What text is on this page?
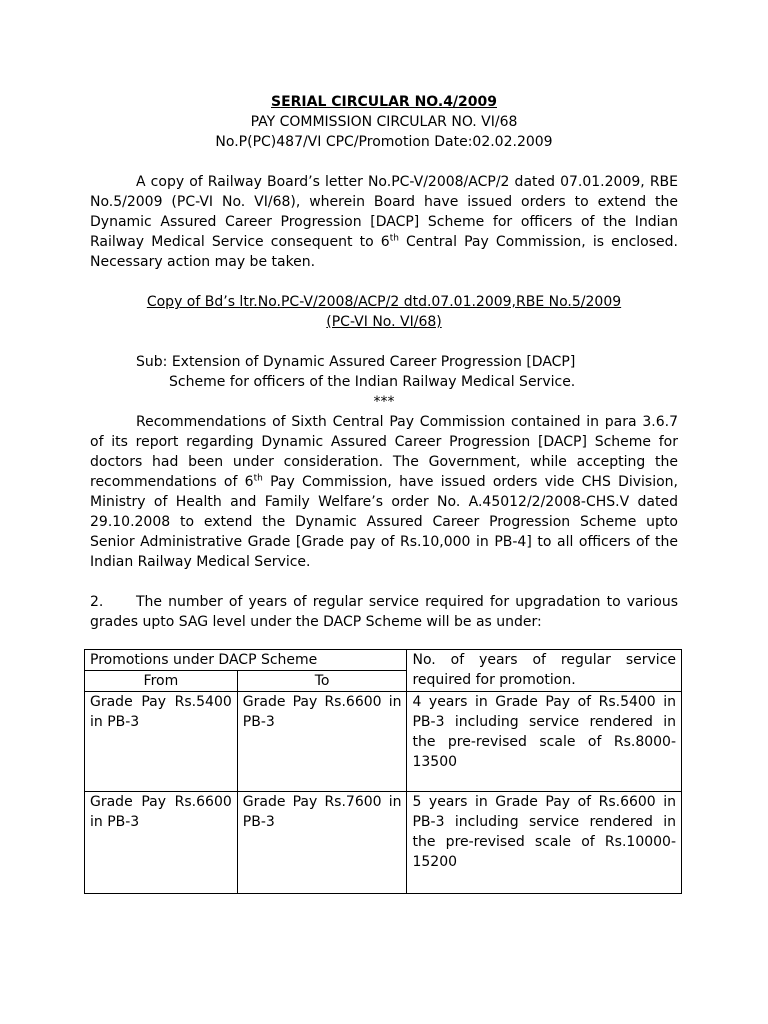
SERIAL CIRCULAR NO.4/2009
PAY COMMISSION CIRCULAR NO. VI/68
No.P(PC)487/VI CPC/Promotion Date:02.02.2009

A copy of Railway Board’s letter No.PC-V/2008/ACP/2 dated 07.01.2009, RBE No.5/2009 (PC-VI No. VI/68), wherein Board have issued orders to extend the Dynamic Assured Career Progression [DACP] Scheme for officers of the Indian Railway Medical Service consequent to 6th Central Pay Commission, is enclosed. Necessary action may be taken.

Copy of Bd’s ltr.No.PC-V/2008/ACP/2 dtd.07.01.2009,RBE No.5/2009
(PC-VI No. VI/68)
Sub: Extension of Dynamic Assured Career Progression [DACP]
Scheme for officers of the Indian Railway Medical Service.
***

Recommendations of Sixth Central Pay Commission contained in para 3.6.7 of its report regarding Dynamic Assured Career Progression [DACP] Scheme for doctors had been under consideration. The Government, while accepting the recommendations of 6th Pay Commission, have issued orders vide CHS Division, Ministry of Health and Family Welfare’s order No. A.45012/2/2008-CHS.V dated 29.10.2008 to extend the Dynamic Assured Career Progression Scheme upto Senior Administrative Grade [Grade pay of Rs.10,000 in PB-4] to all officers of the Indian Railway Medical Service.

2. The number of years of regular service required for upgradation to various grades upto SAG level under the DACP Scheme will be as under:

Promotions under DACP Scheme		No. of years of regular service required for promotion.
From	To	
Grade Pay Rs.5400 in PB-3	Grade Pay Rs.6600 in PB-3	4 years in Grade Pay of Rs.5400 in PB-3 including service rendered in the pre-revised scale of Rs.8000-13500
Grade Pay Rs.6600 in PB-3	Grade Pay Rs.7600 in PB-3	5 years in Grade Pay of Rs.6600 in PB-3 including service rendered in the pre-revised scale of Rs.10000-15200
